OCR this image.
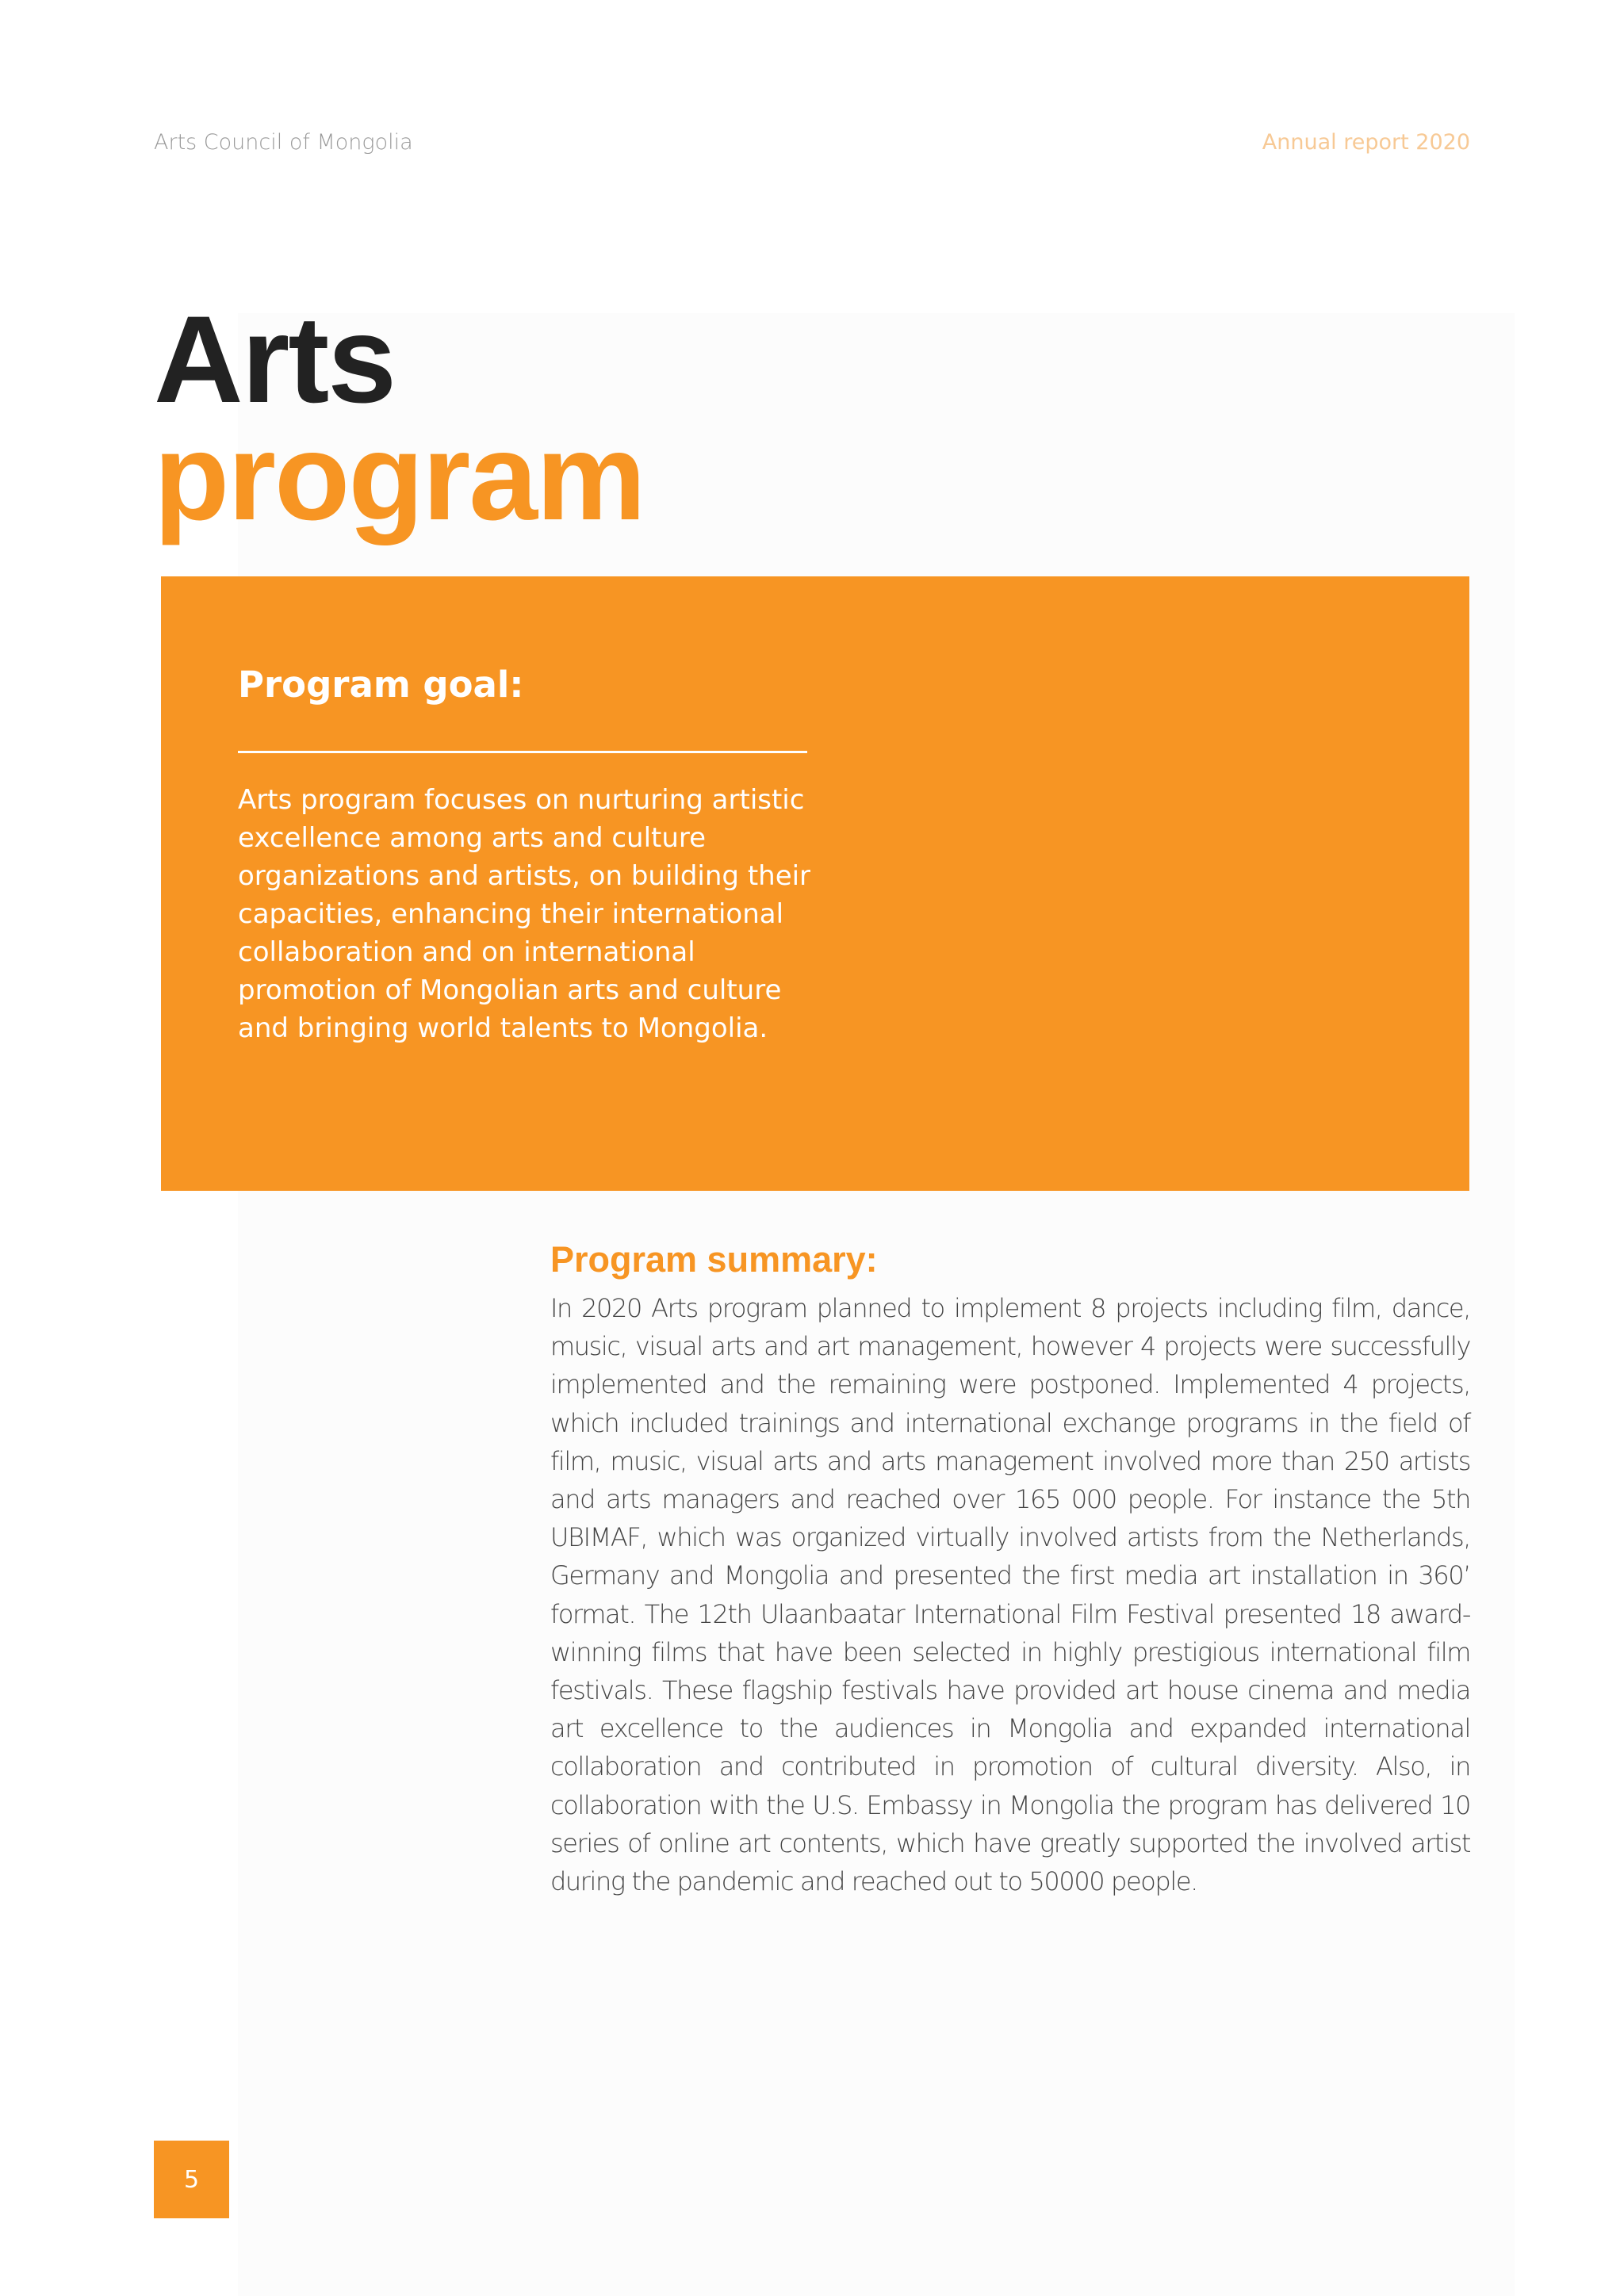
Arts Council of Mongolia	Annual report 2020
Arts
program
Program goal:

Arts program focuses on nurturing artistic excellence among arts and culture organizations and artists, on building their capacities, enhancing their international collaboration and on international promotion of Mongolian arts and culture and bringing world talents to Mongolia.

Program summary:

In 2020 Arts program planned to implement 8 projects including film, dance, music, visual arts and art management, however 4 projects were successfully implemented and the remaining were postponed. Implemented 4 projects, which included trainings and international exchange programs in the field of film, music, visual arts and arts management involved more than 250 artists and arts managers and reached over 165 000 people. For instance the 5th UBIMAF, which was organized virtually involved artists from the Netherlands, Germany and Mongolia and presented the first media art installation in 360’ format. The 12th Ulaanbaatar International Film Festival presented 18 award-winning films that have been selected in highly prestigious international film festivals. These flagship festivals have provided art house cinema and media art excellence to the audiences in Mongolia and expanded international collaboration and contributed in promotion of cultural diversity. Also, in collaboration with the U.S. Embassy in Mongolia the program has delivered 10 series of online art contents, which have greatly supported the involved artist during the pandemic and reached out to 50000 people.

5
